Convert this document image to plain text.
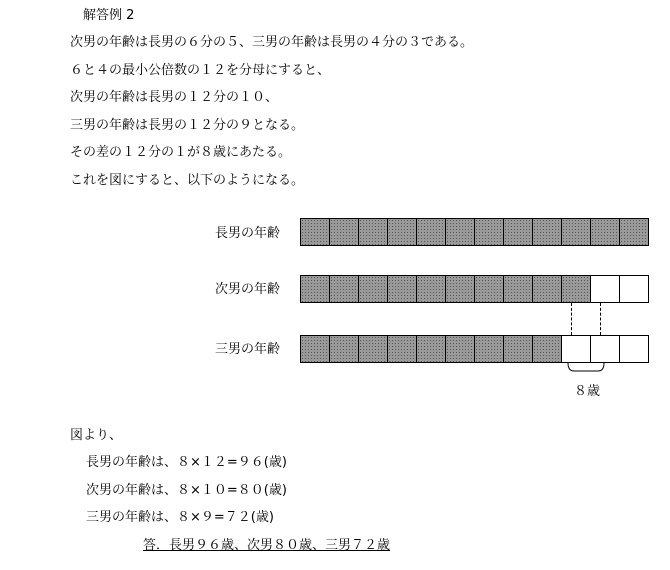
解答例 2
次男の年齢は長男の６分の５、三男の年齢は長男の４分の３である。
６と４の最小公倍数の１２を分母にすると、
次男の年齢は長男の１２分の１０、
三男の年齢は長男の１２分の９となる。
その差の１２分の１が８歳にあたる。
これを図にすると、以下のようになる。
長男の年齢
次男の年齢
三男の年齢
８歳
図より、
長男の年齢は、８×１２=９６(歳)
次男の年齢は、８×１０=８０(歳)
三男の年齢は、８×９=７２(歳)
答．長男９６歳、次男８０歳、三男７２歳
